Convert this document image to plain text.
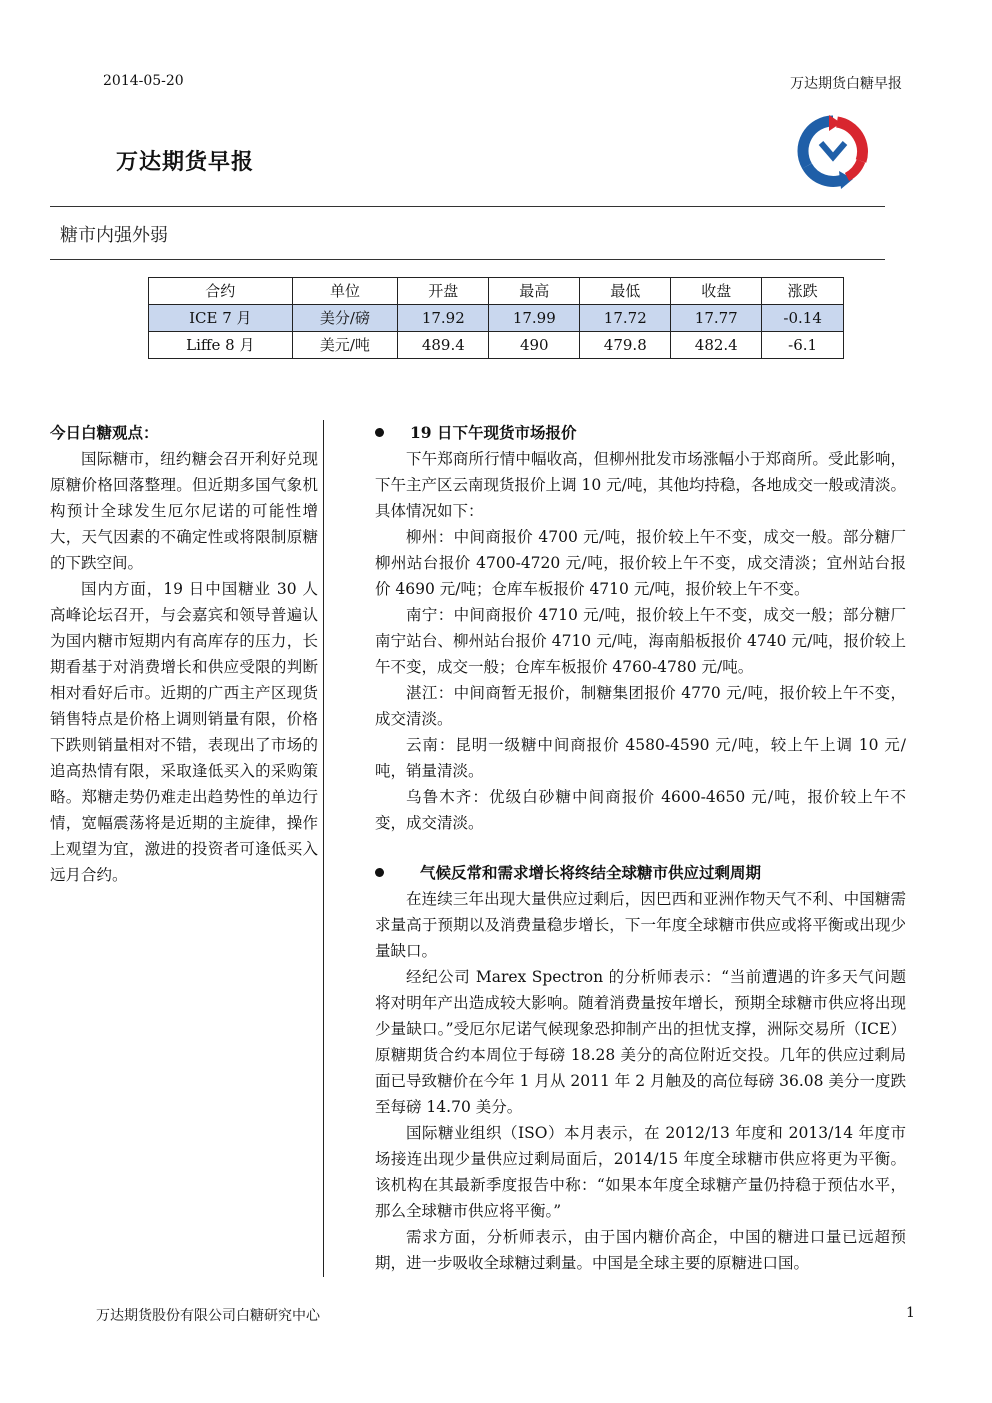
2014-05-20	万达期货白糖早报
万达期货早报
糖市内强外弱
合约	单位	开盘	最高	最低	收盘	涨跌
ICE 7 月	美分/磅	17.92	17.99	17.72	17.77	-0.14
Liffe 8 月	美元/吨	489.4	490	479.8	482.4	-6.1

今日白糖观点：

国际糖市，纽约糖会召开利好兑现原糖价格回落整理。但近期多国气象机构预计全球发生厄尔尼诺的可能性增大，天气因素的不确定性或将限制原糖的下跌空间。

国内方面，19 日中国糖业 30 人高峰论坛召开，与会嘉宾和领导普遍认为国内糖市短期内有高库存的压力，长期看基于对消费增长和供应受限的判断相对看好后市。近期的广西主产区现货销售特点是价格上调则销量有限，价格下跌则销量相对不错，表现出了市场的追高热情有限，采取逢低买入的采购策略。郑糖走势仍难走出趋势性的单边行情，宽幅震荡将是近期的主旋律，操作上观望为宜，激进的投资者可逢低买入远月合约。

19 日下午现货市场报价

下午郑商所行情中幅收高，但柳州批发市场涨幅小于郑商所。受此影响，下午主产区云南现货报价上调 10 元/吨，其他均持稳，各地成交一般或清淡。具体情况如下：

柳州：中间商报价 4700 元/吨，报价较上午不变，成交一般。部分糖厂柳州站台报价 4700-4720 元/吨，报价较上午不变，成交清淡；宜州站台报价 4690 元/吨；仓库车板报价 4710 元/吨，报价较上午不变。

南宁：中间商报价 4710 元/吨，报价较上午不变，成交一般；部分糖厂南宁站台、柳州站台报价 4710 元/吨，海南船板报价 4740 元/吨，报价较上午不变，成交一般；仓库车板报价 4760-4780 元/吨。

湛江：中间商暂无报价，制糖集团报价 4770 元/吨，报价较上午不变，成交清淡。

云南：昆明一级糖中间商报价 4580-4590 元/吨，较上午上调 10 元/吨，销量清淡。

乌鲁木齐：优级白砂糖中间商报价 4600-4650 元/吨，报价较上午不变，成交清淡。

气候反常和需求增长将终结全球糖市供应过剩周期

在连续三年出现大量供应过剩后，因巴西和亚洲作物天气不利、中国糖需求量高于预期以及消费量稳步增长，下一年度全球糖市供应或将平衡或出现少量缺口。

经纪公司 Marex Spectron 的分析师表示：“当前遭遇的许多天气问题将对明年产出造成较大影响。随着消费量按年增长，预期全球糖市供应将出现少量缺口。”受厄尔尼诺气候现象恐抑制产出的担忧支撑，洲际交易所（ICE）原糖期货合约本周位于每磅 18.28 美分的高位附近交投。几年的供应过剩局面已导致糖价在今年 1 月从 2011 年 2 月触及的高位每磅 36.08 美分一度跌至每磅 14.70 美分。

国际糖业组织（ISO）本月表示，在 2012/13 年度和 2013/14 年度市场接连出现少量供应过剩局面后，2014/15 年度全球糖市供应将更为平衡。该机构在其最新季度报告中称：“如果本年度全球糖产量仍持稳于预估水平，那么全球糖市供应将平衡。”

需求方面，分析师表示，由于国内糖价高企，中国的糖进口量已远超预期，进一步吸收全球糖过剩量。中国是全球主要的原糖进口国。

万达期货股份有限公司白糖研究中心	1
